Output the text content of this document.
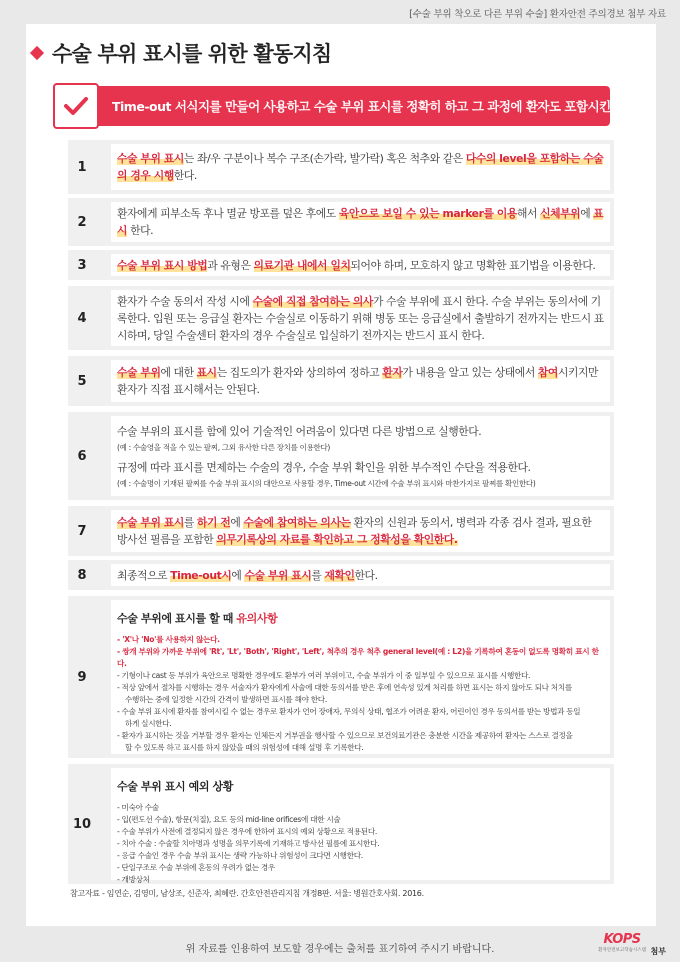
[수술 부위 착오로 다른 부위 수술] 환자안전 주의경보 첨부 자료
수술 부위 표시를 위한 활동지침
Time-out 서식지를 만들어 사용하고 수술 부위 표시를 정확히 하고 그 과정에 환자도 포함시킨다.
1
수술 부위 표시는 좌/우 구분이나 복수 구조(손가락, 발가락) 혹은 척추와 같은 다수의 level을 포함하는 수술의 경우 시행한다.
2
환자에게 피부소독 후나 멸균 방포를 덮은 후에도 육안으로 보일 수 있는 marker를 이용해서 신체부위에 표시 한다.
3	수술 부위 표시 방법과 유형은 의료기관 내에서 일치되어야 하며, 모호하지 않고 명확한 표기법을 이용한다.
4
환자가 수술 동의서 작성 시에 수술에 직접 참여하는 의사가 수술 부위에 표시 한다. 수술 부위는 동의서에 기록한다. 입원 또는 응급실 환자는 수술실로 이동하기 위해 병동 또는 응급실에서 출발하기 전까지는 반드시 표시하며, 당일 수술센터 환자의 경우 수술실로 입실하기 전까지는 반드시 표시 한다.
5
수술 부위에 대한 표시는 집도의가 환자와 상의하여 정하고 환자가 내용을 알고 있는 상태에서 참여시키지만 환자가 직접 표시해서는 안된다.
6
수술 부위의 표시를 함에 있어 기술적인 어려움이 있다면 다른 방법으로 실행한다.
(예 : 수술영을 적을 수 있는 팔찌, 그외 유사한 다른 장치를 이용한다)
규정에 따라 표시를 면제하는 수술의 경우, 수술 부위 확인을 위한 부수적인 수단을 적용한다.
(예 : 수술명이 기재된 팔찌를 수술 부위 표시의 대안으로 사용할 경우, Time-out 시간에 수술 부위 표시와 마찬가지로 팔찌를 확인한다)
7
수술 부위 표시를 하기 전에 수술에 참여하는 의사는 환자의 신원과 동의서, 병력과 각종 검사 결과, 필요한 방사선 필름을 포함한 의무기록상의 자료를 확인하고 그 정확성을 확인한다.
8	최종적으로 Time-out시에 수술 부위 표시를 재확인한다.
9
수술 부위에 표시를 할 때 유의사항
- 'X'나 'No'를 사용하지 않는다.
- 쌍개 부위와 가까운 부위에 'Rt', 'Lt', 'Both', 'Right', 'Left', 척추의 경우 척추 general level(예 : L2)을 기록하여 혼동이 없도록 명확히 표시 한다.
- 기형이나 cast 등 부위가 육안으로 명확한 경우에도 환부가 여러 부위이고, 수술 부위가 이 중 일부일 수 있으므로 표시를 시행한다.
- 적상 앞에서 절차를 시행하는 경우 서술자가 환자에게 사술에 대한 동의서를 받은 후에 연속성 있게 처리를 하면 표시는 하지 않아도 되나 처치를
수행하는 중에 일정한 시간의 간격이 발생하면 표시를 해야 한다.
- 수술 부위 표시에 환자를 참여시킬 수 없는 경우로 환자가 언어 장애자, 무의식 상태, 협조가 어려운 환자, 어린이인 경우 동의서를 받는 방법과 동일
하게 실시한다.
- 환자가 표시하는 것을 거부할 경우 환자는 인체든지 거부권을 행사할 수 있으므로 보건의료기관은 충분한 시간을 제공하여 환자는 스스로 결정을
할 수 있도록 하고 표시를 하지 않았을 때의 위험성에 대해 설명 후 기록한다.
10
수술 부위 표시 예외 상황
- 미숙아 수술
- 입(편도선 수술), 항문(치질), 요도 등의 mid-line orifices에 대한 시술
- 수술 부위가 사전에 결정되지 않은 경우에 한하여 표시의 예외 상황으로 적용된다.
- 치아 수술 : 수술할 치아명과 성명을 의무기록에 기재하고 방사선 필름에 표시한다.
- 응급 수술인 경우 수술 부위 표시는 생략 가능하나 위험성이 크다면 시행한다.
- 단일구조로 수술 부위에 혼동의 우려가 없는 경우
- 개방상처
참고자료 - 임연순, 김영미, 남상조, 신준자, 최혜란. 간호안전관리지침 개정8판. 서울: 병원간호사회. 2016.
위 자료를 인용하여 보도할 경우에는 출처를 표기하여 주시기 바랍니다.
KOPS
환자안전보고학습시스템 첨부
